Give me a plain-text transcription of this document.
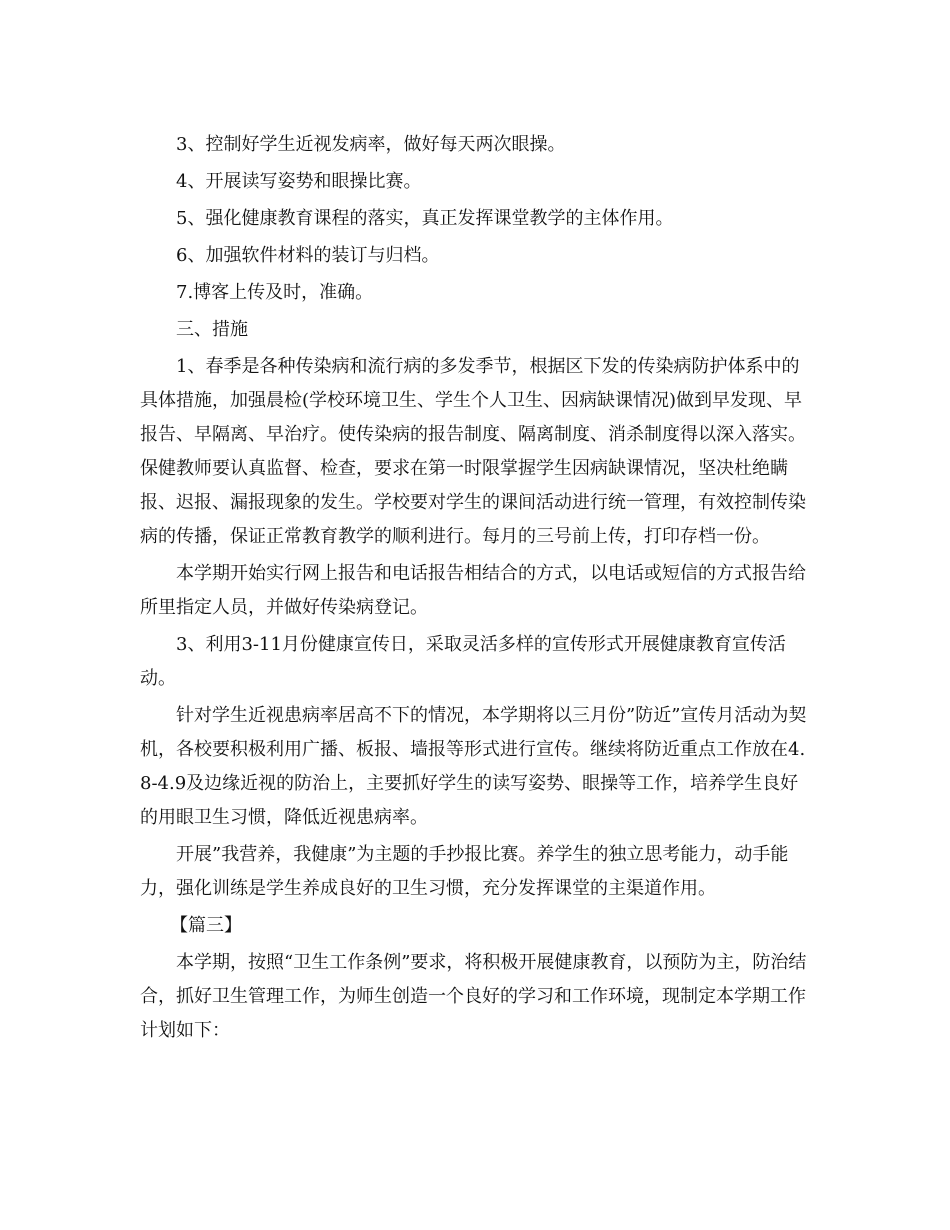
3、控制好学生近视发病率，做好每天两次眼操。

4、开展读写姿势和眼操比赛。

5、强化健康教育课程的落实，真正发挥课堂教学的主体作用。

6、加强软件材料的装订与归档。

7.博客上传及时，准确。

三、措施

1、春季是各种传染病和流行病的多发季节，根据区下发的传染病防护体系中的具体措施，加强晨检(学校环境卫生、学生个人卫生、因病缺课情况)做到早发现、早报告、早隔离、早治疗。使传染病的报告制度、隔离制度、消杀制度得以深入落实。保健教师要认真监督、检查，要求在第一时限掌握学生因病缺课情况，坚决杜绝瞒报、迟报、漏报现象的发生。学校要对学生的课间活动进行统一管理，有效控制传染病的传播，保证正常教育教学的顺利进行。每月的三号前上传，打印存档一份。

本学期开始实行网上报告和电话报告相结合的方式，以电话或短信的方式报告给所里指定人员，并做好传染病登记。

3、利用3-11月份健康宣传日，采取灵活多样的宣传形式开展健康教育宣传活动。

针对学生近视患病率居高不下的情况，本学期将以三月份”防近”宣传月活动为契机，各校要积极利用广播、板报、墙报等形式进行宣传。继续将防近重点工作放在4.8-4.9及边缘近视的防治上，主要抓好学生的读写姿势、眼操等工作，培养学生良好的用眼卫生习惯，降低近视患病率。

开展”我营养，我健康”为主题的手抄报比赛。养学生的独立思考能力，动手能力，强化训练是学生养成良好的卫生习惯，充分发挥课堂的主渠道作用。

【篇三】

本学期，按照“卫生工作条例”要求，将积极开展健康教育，以预防为主，防治结合，抓好卫生管理工作，为师生创造一个良好的学习和工作环境，现制定本学期工作计划如下：
